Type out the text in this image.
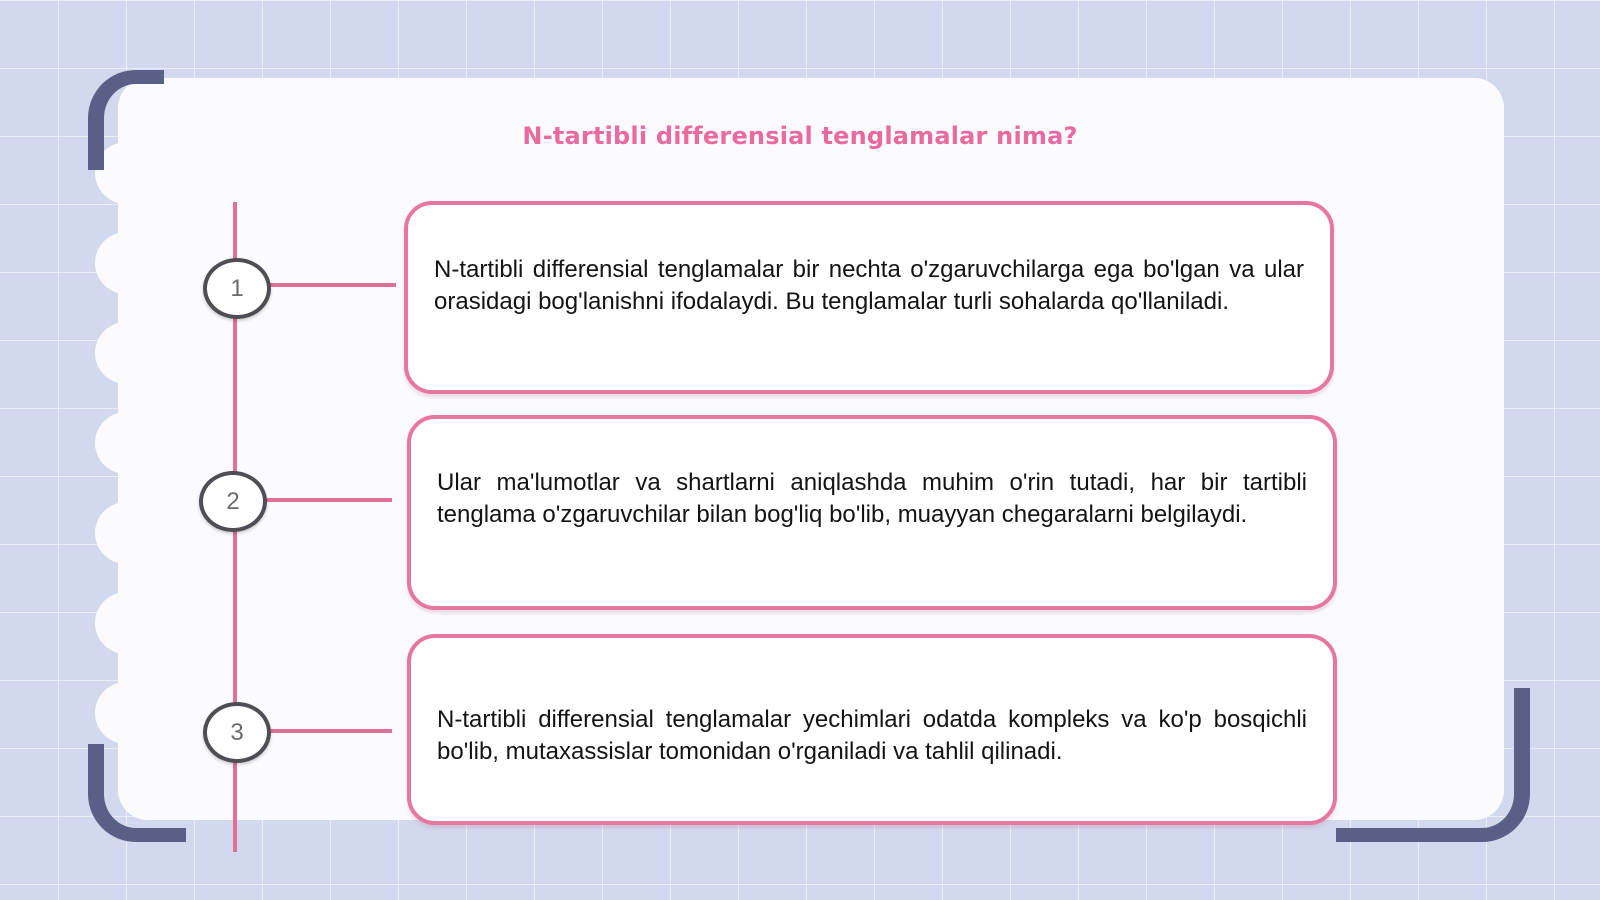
N-tartibli differensial tenglamalar nima?
1
N-tartibli differensial tenglamalar bir nechta o'zgaruvchilarga ega bo'lgan va ular orasidagi bog'lanishni ifodalaydi. Bu tenglamalar turli sohalarda qo'llaniladi.
2
Ular ma'lumotlar va shartlarni aniqlashda muhim o'rin tutadi, har bir tartibli tenglama o'zgaruvchilar bilan bog'liq bo'lib, muayyan chegaralarni belgilaydi.
3	N-tartibli differensial tenglamalar yechimlari odatda kompleks va ko'p bosqichli bo'lib, mutaxassislar tomonidan o'rganiladi va tahlil qilinadi.
